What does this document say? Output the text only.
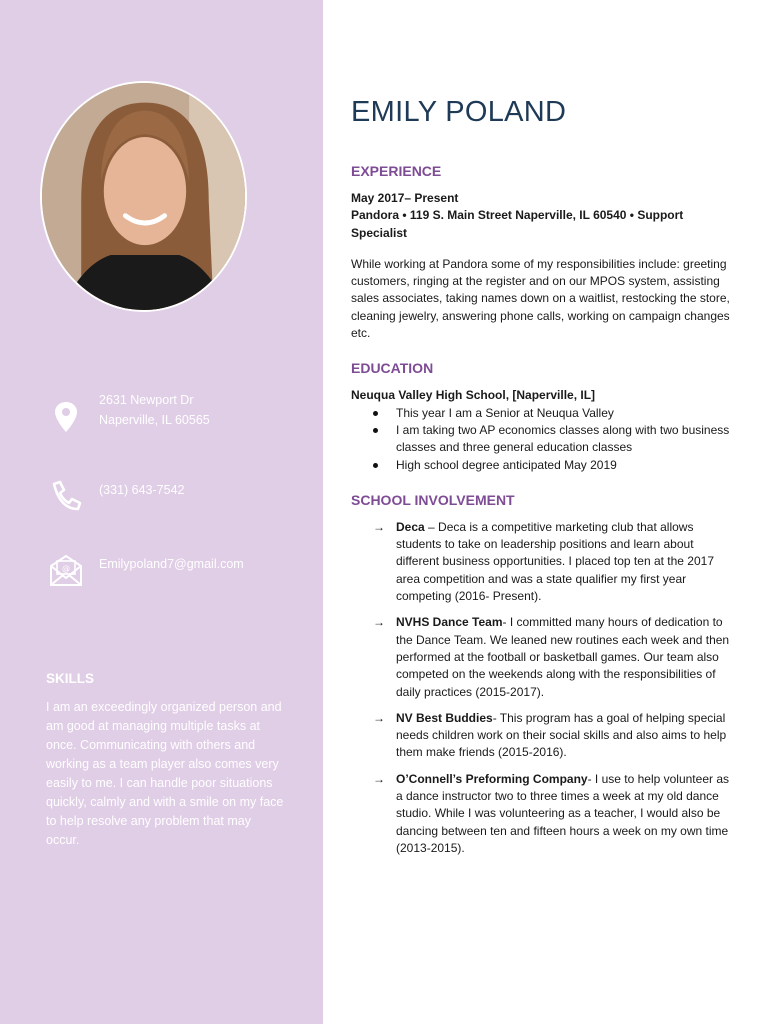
2631 Newport Dr
Naperville, IL 60565
(331) 643-7542
@ Emilypoland7@gmail.com
SKILLS
I am an exceedingly organized person and am good at managing multiple tasks at once. Communicating with others and working as a team player also comes very easily to me. I can handle poor situations quickly, calmly and with a smile on my face to help resolve any problem that may occur.
EMILY POLAND
EXPERIENCE
May 2017– Present
Pandora • 119 S. Main Street Naperville, IL 60540 • Support Specialist
While working at Pandora some of my responsibilities include: greeting customers, ringing at the register and on our MPOS system, assisting sales associates, taking names down on a waitlist, restocking the store, cleaning jewelry, answering phone calls, working on campaign changes etc.
EDUCATION
Neuqua Valley High School, [Naperville, IL]
This year I am a Senior at Neuqua Valley
I am taking two AP economics classes along with two business classes and three general education classes
High school degree anticipated May 2019
SCHOOL INVOLVEMENT
→ Deca – Deca is a competitive marketing club that allows students to take on leadership positions and learn about different business opportunities. I placed top ten at the 2017 area competition and was a state qualifier my first year competing (2016- Present).
→ NVHS Dance Team- I committed many hours of dedication to the Dance Team. We leaned new routines each week and then performed at the football or basketball games. Our team also competed on the weekends along with the responsibilities of daily practices (2015-2017).
→ NV Best Buddies- This program has a goal of helping special needs children work on their social skills and also aims to help them make friends (2015-2016).
→ O’Connell’s Preforming Company- I use to help volunteer as a dance instructor two to three times a week at my old dance studio. While I was volunteering as a teacher, I would also be dancing between ten and fifteen hours a week on my own time (2013-2015).
